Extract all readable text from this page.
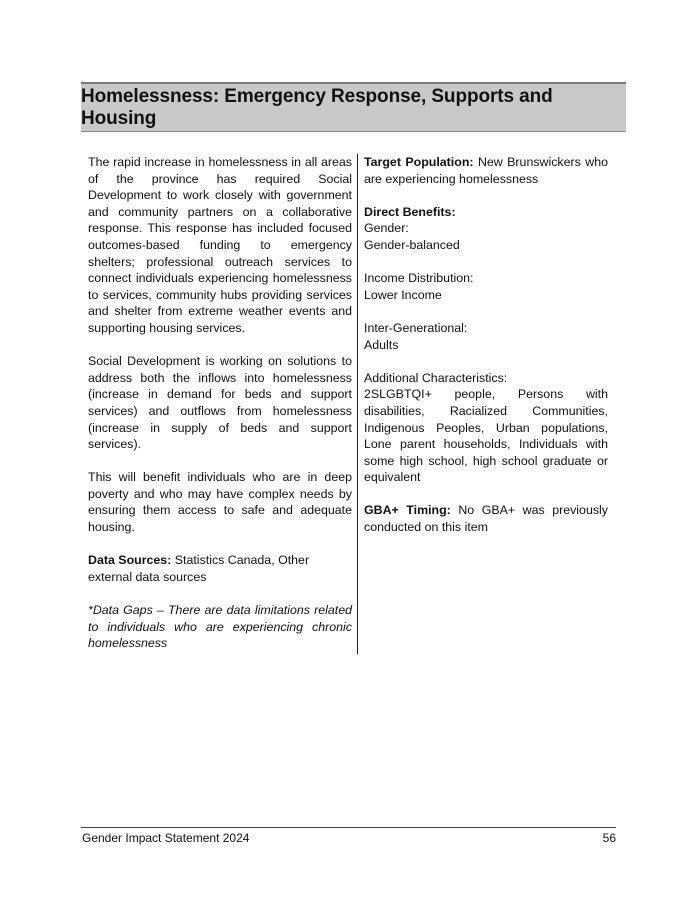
Homelessness: Emergency Response, Supports and Housing

The rapid increase in homelessness in all areas of the province has required Social Development to work closely with government and community partners on a collaborative response. This response has included focused outcomes-based funding to emergency shelters; professional outreach services to connect individuals experiencing homelessness to services, community hubs providing services and shelter from extreme weather events and supporting housing services.

Social Development is working on solutions to address both the inflows into homelessness (increase in demand for beds and support services) and outflows from homelessness (increase in supply of beds and support services).

This will benefit individuals who are in deep poverty and who may have complex needs by ensuring them access to safe and adequate housing.

Data Sources: Statistics Canada, Other external data sources

*Data Gaps – There are data limitations related to individuals who are experiencing chronic homelessness

Target Population: New Brunswickers who are experiencing homelessness

Direct Benefits:
Gender:
Gender-balanced
Income Distribution:
Lower Income
Inter-Generational:
Adults
Additional Characteristics:
2SLGBTQI+ people, Persons with disabilities, Racialized Communities, Indigenous Peoples, Urban populations, Lone parent households, Individuals with some high school, high school graduate or equivalent

GBA+ Timing: No GBA+ was previously conducted on this item

Gender Impact Statement 2024	56
